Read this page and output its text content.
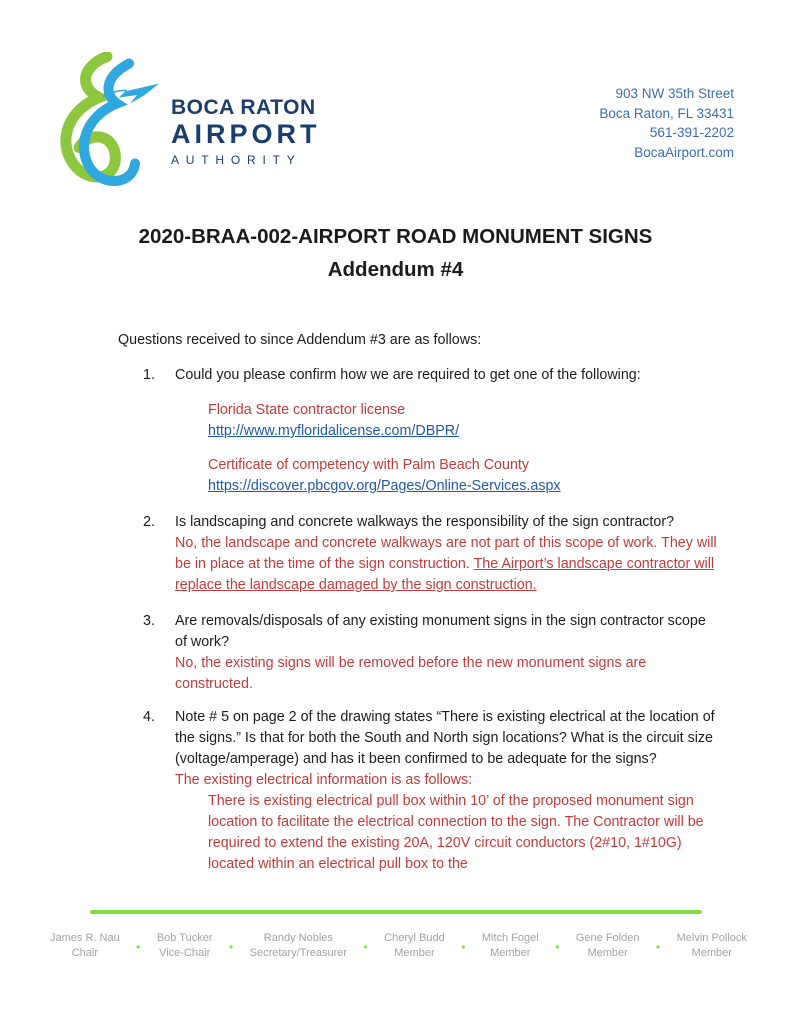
BOCA RATON
AIRPORT
AUTHORITY
903 NW 35th Street
Boca Raton, FL 33431
561-391-2202
BocaAirport.com
2020-BRAA-002-AIRPORT ROAD MONUMENT SIGNS
Addendum #4

Questions received to since Addendum #3 are as follows:

1.	Could you please confirm how we are required to get one of the following:
Florida State contractor license
http://www.myfloridalicense.com/DBPR/
Certificate of competency with Palm Beach County
https://discover.pbcgov.org/Pages/Online-Services.aspx
2.	Is landscaping and concrete walkways the responsibility of the sign contractor?
No, the landscape and concrete walkways are not part of this scope of work. They will be in place at the time of the sign construction. The Airport’s landscape contractor will replace the landscape damaged by the sign construction.
3.	Are removals/disposals of any existing monument signs in the sign contractor scope of work?
No, the existing signs will be removed before the new monument signs are constructed.
4.	Note # 5 on page 2 of the drawing states “There is existing electrical at the location of the signs.” Is that for both the South and North sign locations? What is the circuit size (voltage/amperage) and has it been confirmed to be adequate for the signs?
The existing electrical information is as follows:
There is existing electrical pull box within 10’ of the proposed monument sign location to facilitate the electrical connection to the sign. The Contractor will be required to extend the existing 20A, 120V circuit conductors (2#10, 1#10G) located within an electrical pull box to the
James R. Nau
Chair	•
Bob Tucker
Vice-Chair •
Randy Nobles
Secretary/Treasurer •
Cheryl Budd
Member	•
Mitch Fogel
Member	•
Gene Folden
Member	•
Melvin Pollock
Member
